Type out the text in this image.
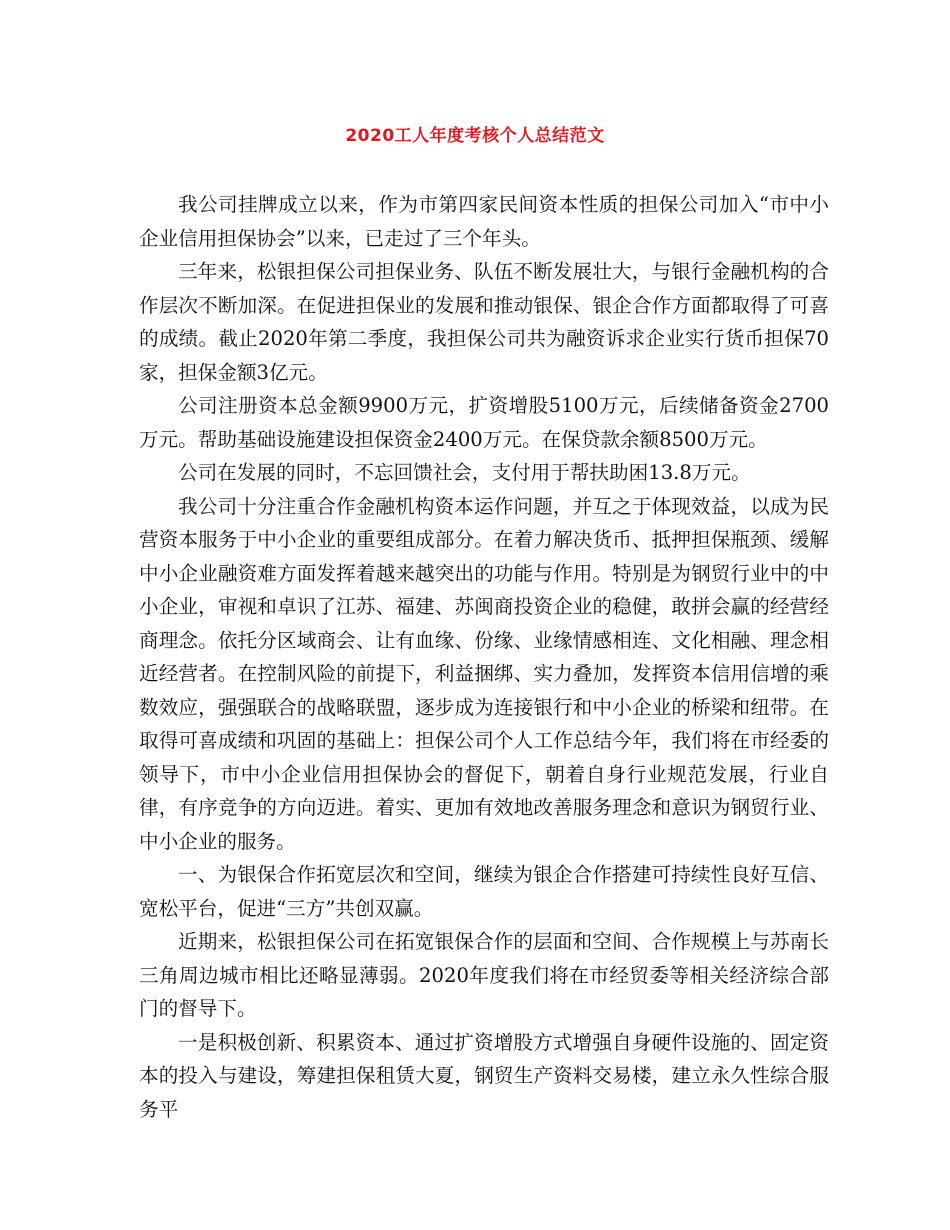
2020工人年度考核个人总结范文

我公司挂牌成立以来，作为市第四家民间资本性质的担保公司加入“市中小企业信用担保协会”以来，已走过了三个年头。

三年来，松银担保公司担保业务、队伍不断发展壮大，与银行金融机构的合作层次不断加深。在促进担保业的发展和推动银保、银企合作方面都取得了可喜的成绩。截止2020年第二季度，我担保公司共为融资诉求企业实行货币担保70家，担保金额3亿元。

公司注册资本总金额9900万元，扩资增股5100万元，后续储备资金2700万元。帮助基础设施建设担保资金2400万元。在保贷款余额8500万元。

公司在发展的同时，不忘回馈社会，支付用于帮扶助困13.8万元。

我公司十分注重合作金融机构资本运作问题，并互之于体现效益，以成为民营资本服务于中小企业的重要组成部分。在着力解决货币、抵押担保瓶颈、缓解中小企业融资难方面发挥着越来越突出的功能与作用。特别是为钢贸行业中的中小企业，审视和卓识了江苏、福建、苏闽商投资企业的稳健，敢拼会赢的经营经商理念。依托分区域商会、让有血缘、份缘、业缘情感相连、文化相融、理念相近经营者。在控制风险的前提下，利益捆绑、实力叠加，发挥资本信用信增的乘数效应，强强联合的战略联盟，逐步成为连接银行和中小企业的桥梁和纽带。在取得可喜成绩和巩固的基础上：担保公司个人工作总结今年，我们将在市经委的领导下，市中小企业信用担保协会的督促下，朝着自身行业规范发展，行业自律，有序竞争的方向迈进。着实、更加有效地改善服务理念和意识为钢贸行业、中小企业的服务。

一、为银保合作拓宽层次和空间，继续为银企合作搭建可持续性良好互信、宽松平台，促进“三方”共创双赢。

近期来，松银担保公司在拓宽银保合作的层面和空间、合作规模上与苏南长三角周边城市相比还略显薄弱。2020年度我们将在市经贸委等相关经济综合部门的督导下。

一是积极创新、积累资本、通过扩资增股方式增强自身硬件设施的、固定资本的投入与建设，筹建担保租赁大夏，钢贸生产资料交易楼，建立永久性综合服务平
